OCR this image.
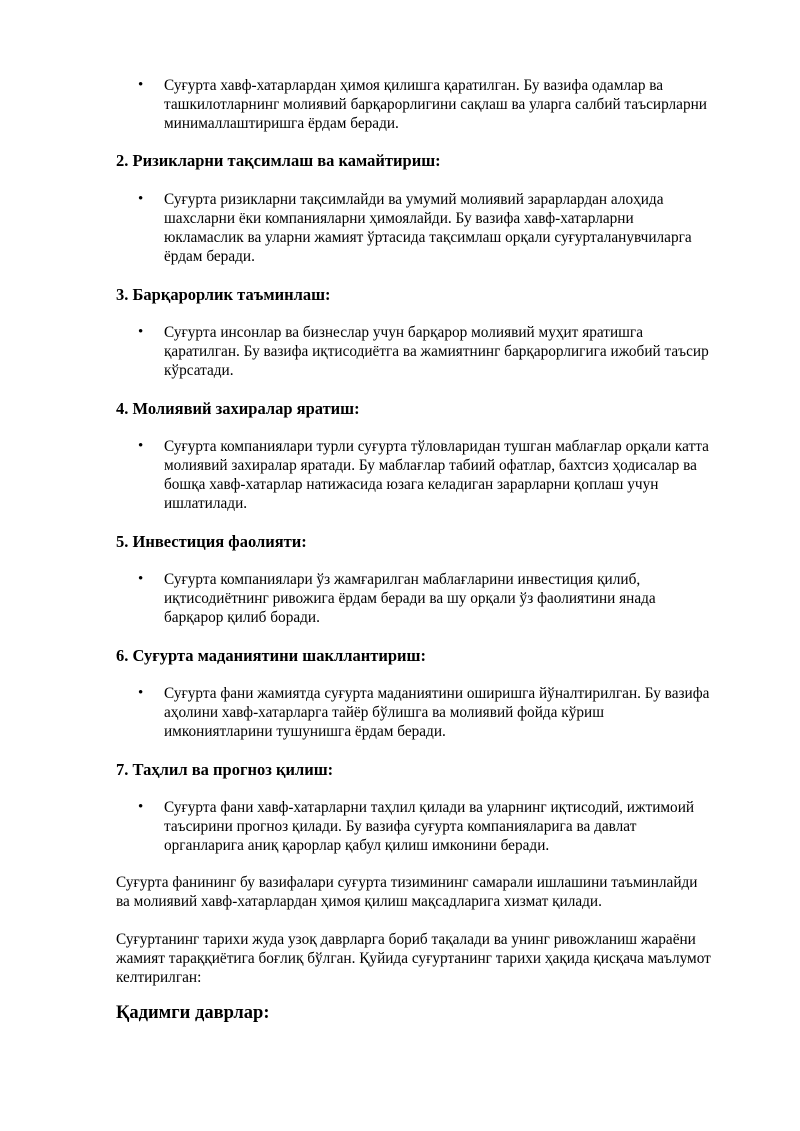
• Суғурта хавф-хатарлардан ҳимоя қилишга қаратилган. Бу вазифа одамлар ва
ташкилотларнинг молиявий барқарорлигини сақлаш ва уларга салбий таъсирларни
минималлаштиришга ёрдам беради.
2. Ризикларни тақсимлаш ва камайтириш:
• Суғурта ризикларни тақсимлайди ва умумий молиявий зарарлардан алоҳида
шахсларни ёки компанияларни ҳимоялайди. Бу вазифа хавф-хатарларни
юкламаслик ва уларни жамият ўртасида тақсимлаш орқали суғурталанувчиларга
ёрдам беради.
3. Барқарорлик таъминлаш:
• Суғурта инсонлар ва бизнеслар учун барқарор молиявий муҳит яратишга
қаратилган. Бу вазифа иқтисодиётга ва жамиятнинг барқарорлигига ижобий таъсир
кўрсатади.
4. Молиявий захиралар яратиш:
• Суғурта компаниялари турли суғурта тўловларидан тушган маблағлар орқали катта
молиявий захиралар яратади. Бу маблағлар табиий офатлар, бахтсиз ҳодисалар ва
бошқа хавф-хатарлар натижасида юзага келадиган зарарларни қоплаш учун
ишлатилади.
5. Инвестиция фаолияти:
• Суғурта компаниялари ўз жамғарилган маблағларини инвестиция қилиб,
иқтисодиётнинг ривожига ёрдам беради ва шу орқали ўз фаолиятини янада
барқарор қилиб боради.
6. Суғурта маданиятини шакллантириш:
• Суғурта фани жамиятда суғурта маданиятини оширишга йўналтирилган. Бу вазифа
аҳолини хавф-хатарларга тайёр бўлишга ва молиявий фойда кўриш
имкониятларини тушунишга ёрдам беради.
7. Таҳлил ва прогноз қилиш:
• Суғурта фани хавф-хатарларни таҳлил қилади ва уларнинг иқтисодий, ижтимоий
таъсирини прогноз қилади. Бу вазифа суғурта компанияларига ва давлат
органларига аниқ қарорлар қабул қилиш имконини беради.
Суғурта фанининг бу вазифалари суғурта тизимининг самарали ишлашини таъминлайди
ва молиявий хавф-хатарлардан ҳимоя қилиш мақсадларига хизмат қилади.
Суғуртанинг тарихи жуда узоқ даврларга бориб тақалади ва унинг ривожланиш жараёни
жамият тараққиётига боғлиқ бўлган. Қуйида суғуртанинг тарихи ҳақида қисқача маълумот
келтирилган:
Қадимги даврлар:
